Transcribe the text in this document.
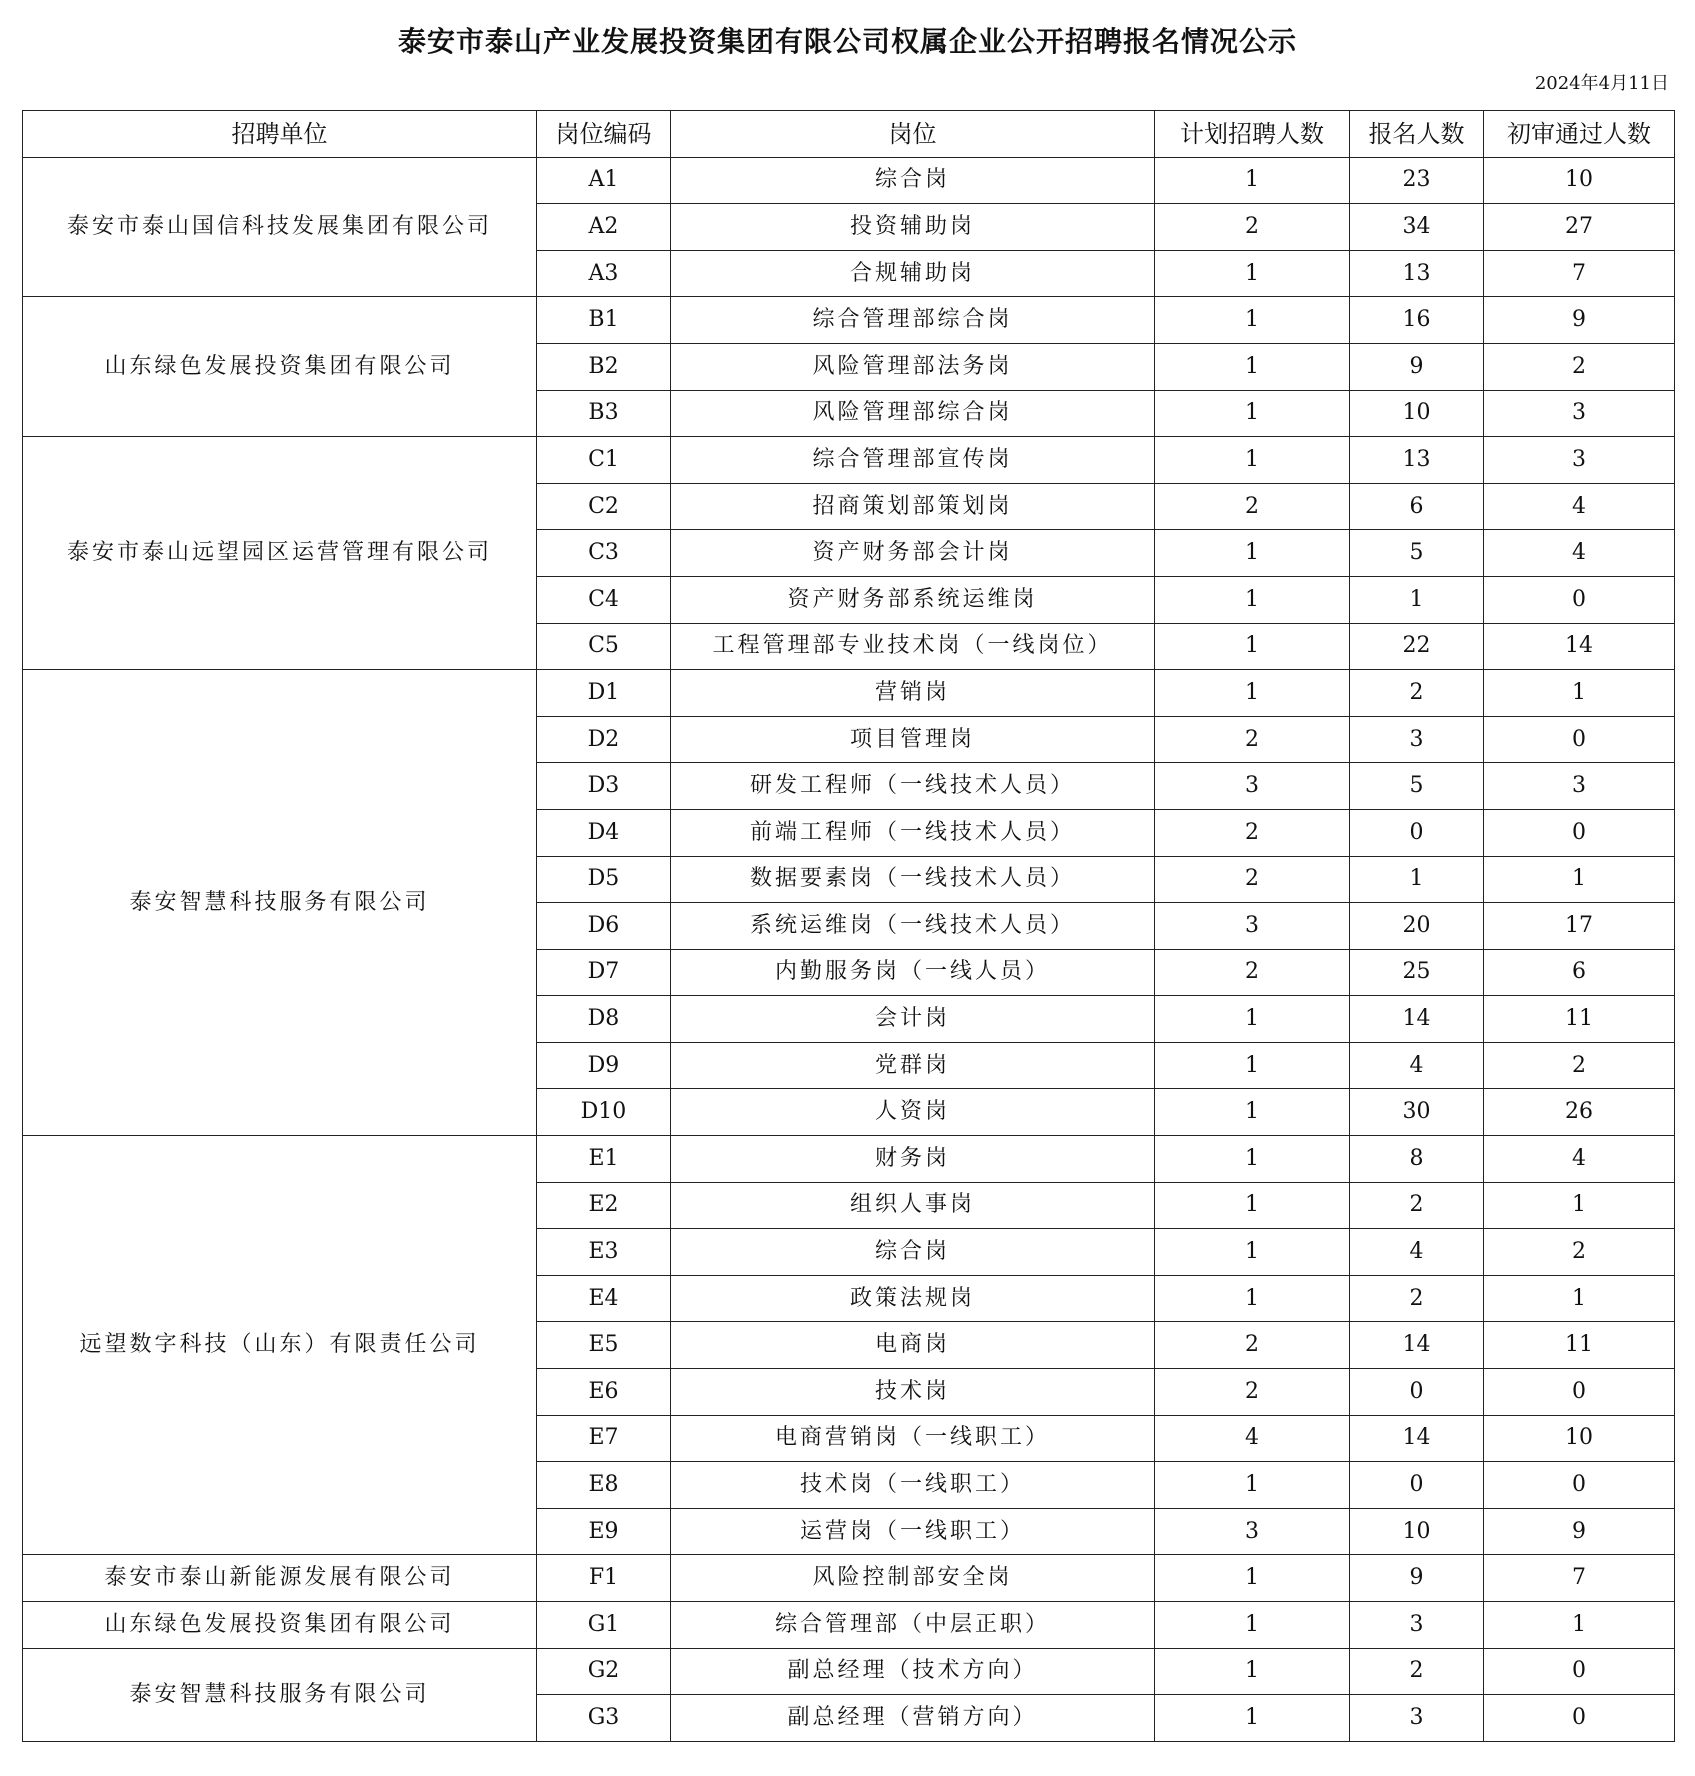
泰安市泰山产业发展投资集团有限公司权属企业公开招聘报名情况公示
2024年4月11日
招聘单位	岗位编码	岗位	计划招聘人数	报名人数	初审通过人数
泰安市泰山国信科技发展集团有限公司	A1	综合岗	1	23	10
	A2	投资辅助岗	2	34	27
	A3	合规辅助岗	1	13	7
山东绿色发展投资集团有限公司	B1	综合管理部综合岗	1	16	9
	B2	风险管理部法务岗	1	9	2
	B3	风险管理部综合岗	1	10	3
泰安市泰山远望园区运营管理有限公司	C1	综合管理部宣传岗	1	13	3
	C2	招商策划部策划岗	2	6	4
	C3	资产财务部会计岗	1	5	4
	C4	资产财务部系统运维岗	1	1	0
	C5	工程管理部专业技术岗（一线岗位）	1	22	14
泰安智慧科技服务有限公司	D1	营销岗	1	2	1
	D2	项目管理岗	2	3	0
	D3	研发工程师（一线技术人员）	3	5	3
	D4	前端工程师（一线技术人员）	2	0	0
	D5	数据要素岗（一线技术人员）	2	1	1
	D6	系统运维岗（一线技术人员）	3	20	17
	D7	内勤服务岗（一线人员）	2	25	6
	D8	会计岗	1	14	11
	D9	党群岗	1	4	2
	D10	人资岗	1	30	26
远望数字科技（山东）有限责任公司	E1	财务岗	1	8	4
	E2	组织人事岗	1	2	1
	E3	综合岗	1	4	2
	E4	政策法规岗	1	2	1
	E5	电商岗	2	14	11
	E6	技术岗	2	0	0
	E7	电商营销岗（一线职工）	4	14	10
	E8	技术岗（一线职工）	1	0	0
	E9	运营岗（一线职工）	3	10	9
泰安市泰山新能源发展有限公司	F1	风险控制部安全岗	1	9	7
山东绿色发展投资集团有限公司	G1	综合管理部（中层正职）	1	3	1
泰安智慧科技服务有限公司	G2	副总经理（技术方向）	1	2	0
	G3	副总经理（营销方向）	1	3	0
